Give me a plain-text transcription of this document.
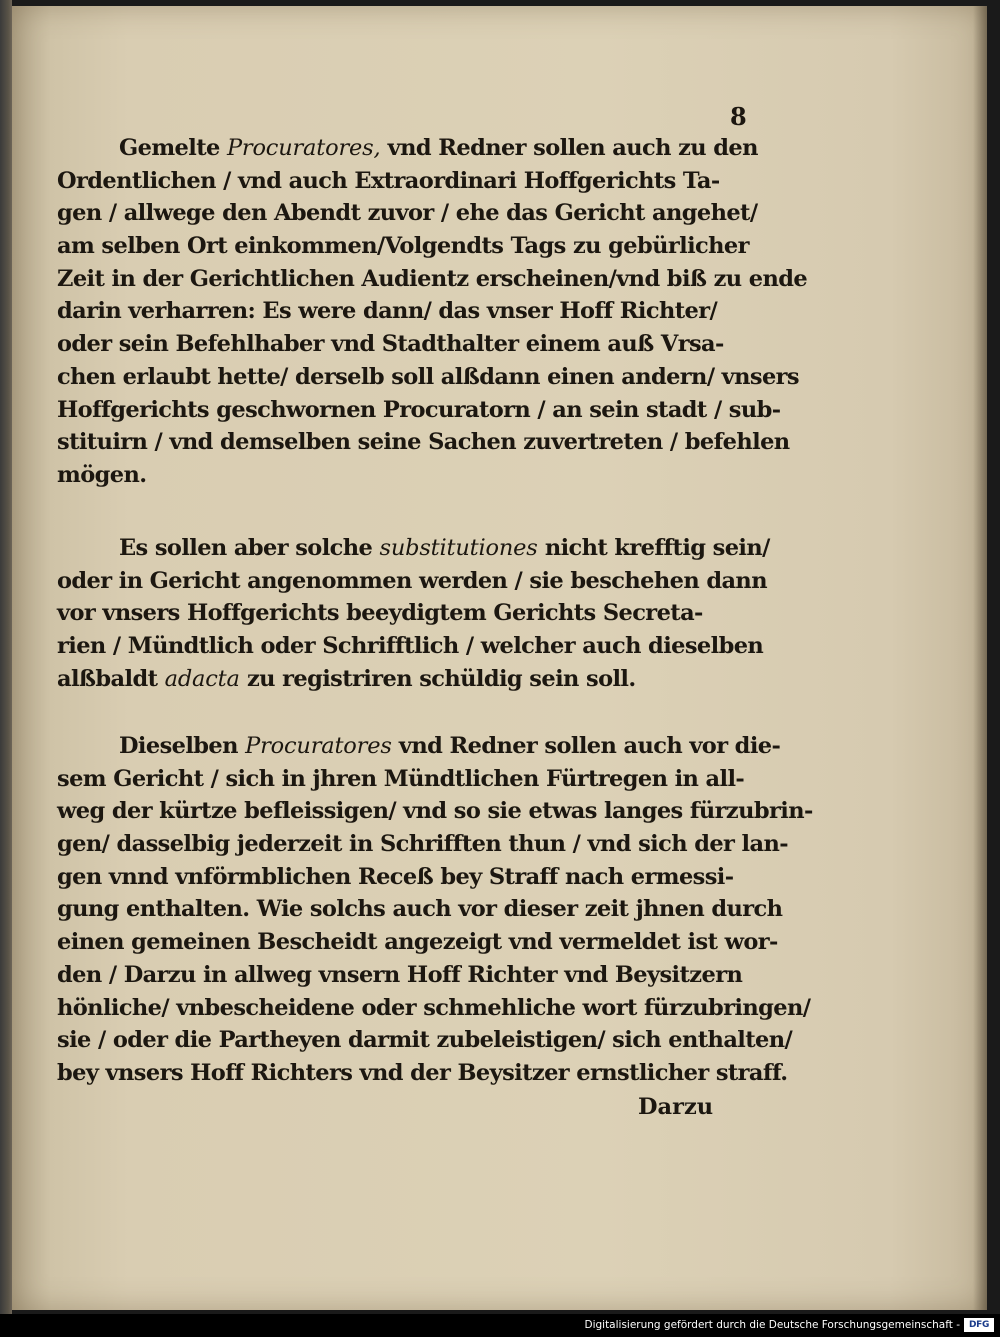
8
Gemelte Procuratores, vnd Redner sollen auch zu den
Ordentlichen / vnd auch Extraordinari Hoffgerichts Ta-
gen / allwege den Abendt zuvor / ehe das Gericht angehet/
am selben Ort einkommen/Volgendts Tags zu gebürlicher
Zeit in der Gerichtlichen Audientz erscheinen/vnd biß zu ende
darin verharren: Es were dann/ das vnser Hoff Richter/
oder sein Befehlhaber vnd Stadthalter einem auß Vrsa-
chen erlaubt hette/ derselb soll alßdann einen andern/ vnsers
Hoffgerichts geschwornen Procuratorn / an sein stadt / sub-
stituirn / vnd demselben seine Sachen zuvertreten / befehlen
mögen.
Es sollen aber solche substitutiones nicht krefftig sein/
oder in Gericht angenommen werden / sie beschehen dann
vor vnsers Hoffgerichts beeydigtem Gerichts Secreta-
rien / Mündtlich oder Schrifftlich / welcher auch dieselben
alßbaldt adacta zu registriren schüldig sein soll.
Dieselben Procuratores vnd Redner sollen auch vor die-
sem Gericht / sich in jhren Mündtlichen Fürtregen in all-
weg der kürtze befleissigen/ vnd so sie etwas langes fürzubrin-
gen/ dasselbig jederzeit in Schrifften thun / vnd sich der lan-
gen vnnd vnförmblichen Receß bey Straff nach ermessi-
gung enthalten. Wie solchs auch vor dieser zeit jhnen durch
einen gemeinen Bescheidt angezeigt vnd vermeldet ist wor-
den / Darzu in allweg vnsern Hoff Richter vnd Beysitzern
hönliche/ vnbescheidene oder schmehliche wort fürzubringen/
sie / oder die Partheyen darmit zubeleistigen/ sich enthalten/
bey vnsers Hoff Richters vnd der Beysitzer ernstlicher straff.
Darzu
Digitalisierung gefördert durch die Deutsche Forschungsgemeinschaft - DFG
